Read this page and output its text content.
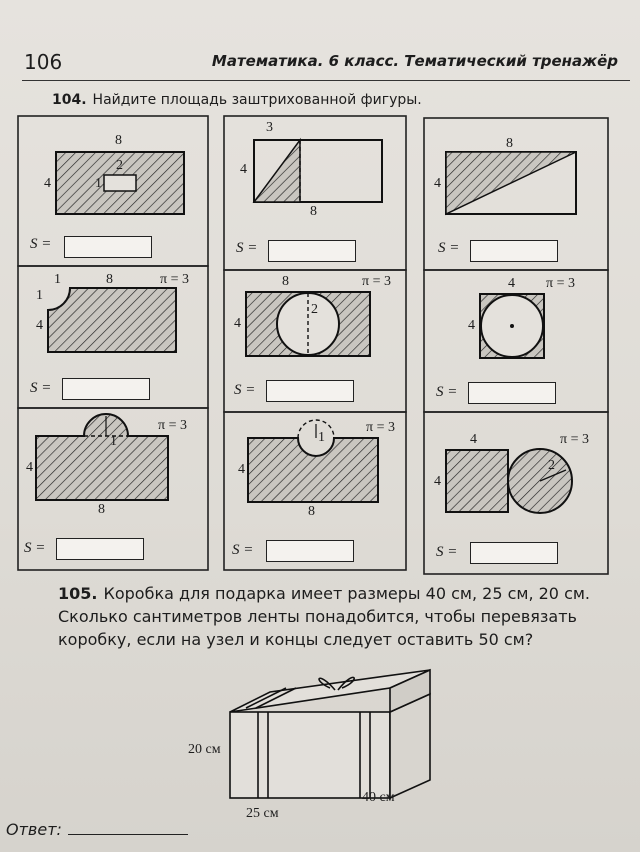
106	Математика. 6 класс. Тематический тренажёр
104. Найдите площадь заштрихованной фигуры.
8
4
2
1
3
4
8
8
4
1	8	π = 3
1
4
8	π = 3
2
4
4 π = 3
4
π = 3
1
4
8
π = 3
1
4
8
4	π = 3
4
2
S =	S =	S =
S =	S =	S =
S =	S =	S =
105. Коробка для подарка имеет размеры 40 см, 25 см, 20 см. Сколько сантиметров ленты понадобится, чтобы перевязать коробку, если на узел и концы следует оставить 50 см?
20 см
25 см
40 см
Ответ:
